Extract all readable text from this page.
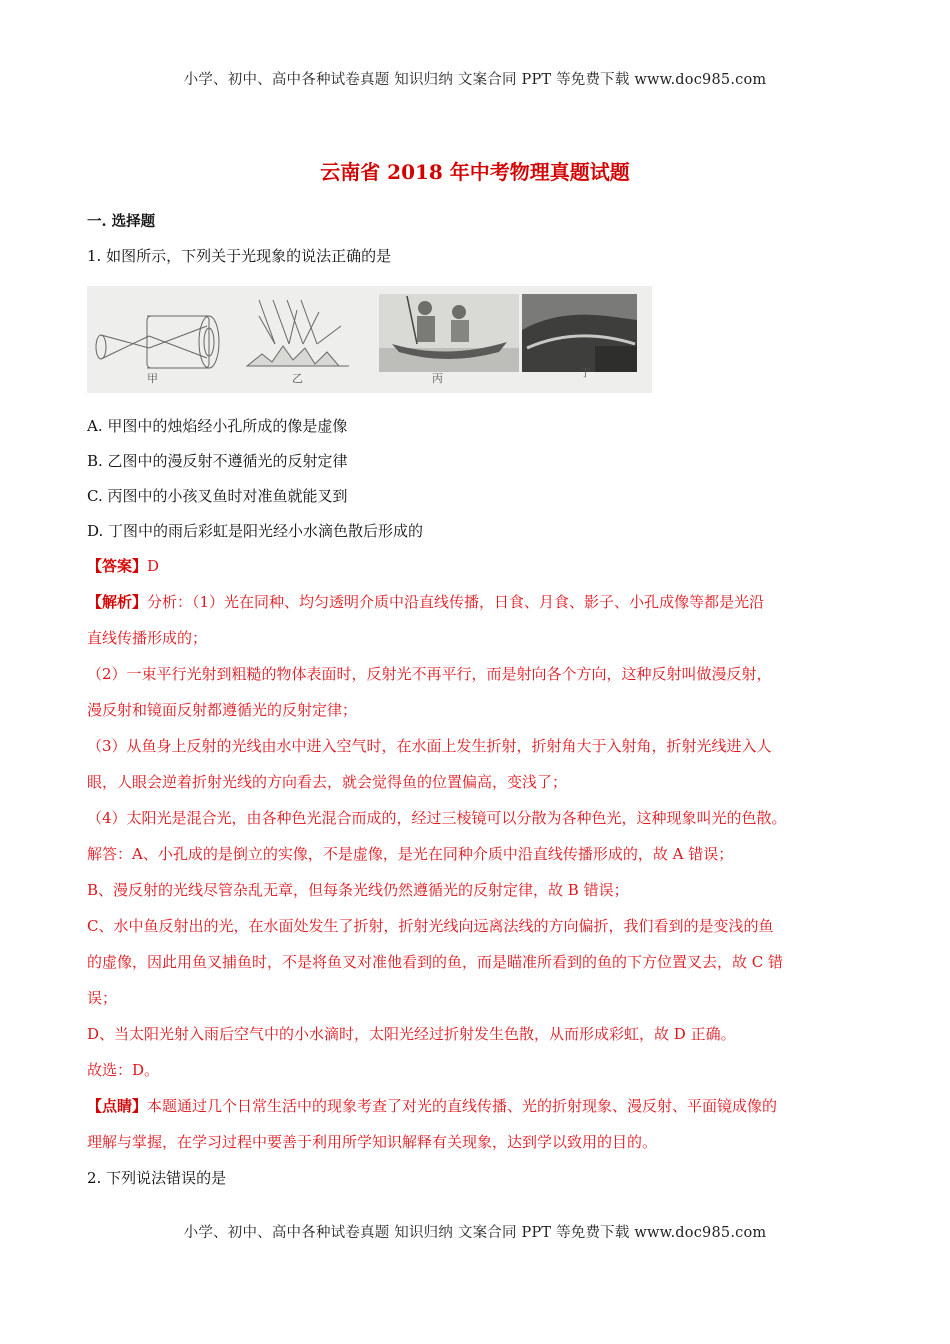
小学、初中、高中各种试卷真题 知识归纳 文案合同 PPT 等免费下载 www.doc985.com
云南省 2018 年中考物理真题试题
一. 选择题
1. 如图所示，下列关于光现象的说法正确的是
甲	乙	丙	丁
A. 甲图中的烛焰经小孔所成的像是虚像
B. 乙图中的漫反射不遵循光的反射定律
C. 丙图中的小孩叉鱼时对准鱼就能叉到
D. 丁图中的雨后彩虹是阳光经小水滴色散后形成的
【答案】D
【解析】分析：（1）光在同种、均匀透明介质中沿直线传播，日食、月食、影子、小孔成像等都是光沿
直线传播形成的；
（2）一束平行光射到粗糙的物体表面时，反射光不再平行，而是射向各个方向，这种反射叫做漫反射，
漫反射和镜面反射都遵循光的反射定律；
（3）从鱼身上反射的光线由水中进入空气时，在水面上发生折射，折射角大于入射角，折射光线进入人
眼，人眼会逆着折射光线的方向看去，就会觉得鱼的位置偏高，变浅了；
（4）太阳光是混合光，由各种色光混合而成的，经过三棱镜可以分散为各种色光，这种现象叫光的色散。
解答：A、小孔成的是倒立的实像，不是虚像，是光在同种介质中沿直线传播形成的，故 A 错误；
B、漫反射的光线尽管杂乱无章，但每条光线仍然遵循光的反射定律，故 B 错误；
C、水中鱼反射出的光，在水面处发生了折射，折射光线向远离法线的方向偏折，我们看到的是变浅的鱼
的虚像，因此用鱼叉捕鱼时，不是将鱼叉对准他看到的鱼，而是瞄准所看到的鱼的下方位置叉去，故 C 错
误；
D、当太阳光射入雨后空气中的小水滴时，太阳光经过折射发生色散，从而形成彩虹，故 D 正确。
故选：D。
【点睛】本题通过几个日常生活中的现象考查了对光的直线传播、光的折射现象、漫反射、平面镜成像的
理解与掌握，在学习过程中要善于利用所学知识解释有关现象，达到学以致用的目的。
2. 下列说法错误的是
小学、初中、高中各种试卷真题 知识归纳 文案合同 PPT 等免费下载 www.doc985.com
